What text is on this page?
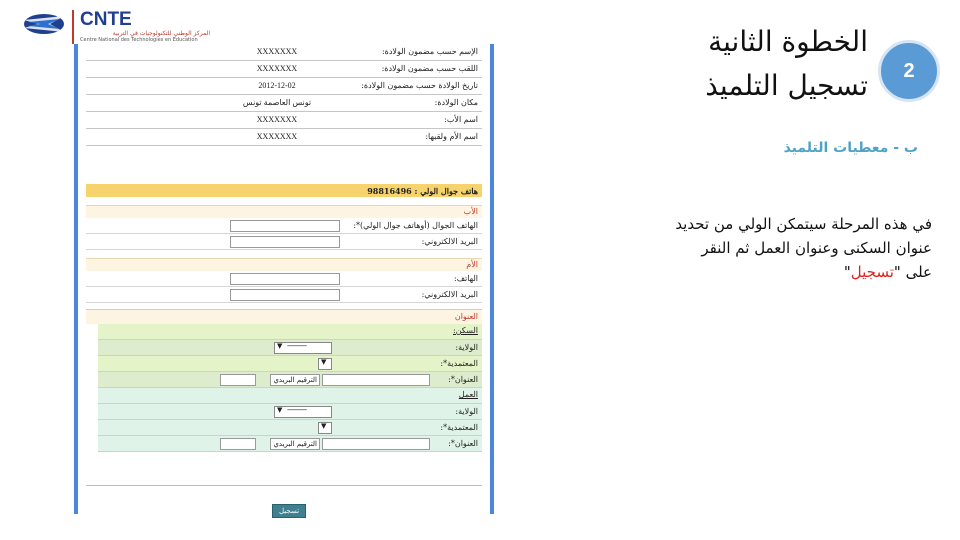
CNTE
المركز الوطني للتكنولوجيات في التربية
Centre National des Technologies en Education
الإسم حسب مضمون الولادة:
XXXXXXX
اللقب حسب مضمون الولادة:
XXXXXXX
تاريخ الولادة حسب مضمون الولادة:
2012-12-02
مكان الولادة:
تونس العاصمة تونس
اسم الأب:
XXXXXXX
اسم الأم ولقبها:
XXXXXXX
هاتف جوال الولي : 98816496
الأب
الهاتف الجوال (أوهاتف جوال الولي)*:
البريد الالكتروني:
الأم
الهاتف:
البريد الالكتروني:
العنوان
السكن:
الولاية:
▼ --------------
المعتمدية*:
▼
العنوان*:
الترقيم البريدي
العمل
الولاية:
▼ --------------
المعتمدية*:
▼
العنوان*:
الترقيم البريدي
تسجيل
2
الخطوة الثانية
تسجيل التلميذ
ب - معطيات التلميذ
في هذه المرحلة سيتمكن الولي من تحديد عنوان السكنى وعنوان العمل ثم النقر على "تسجيل"
